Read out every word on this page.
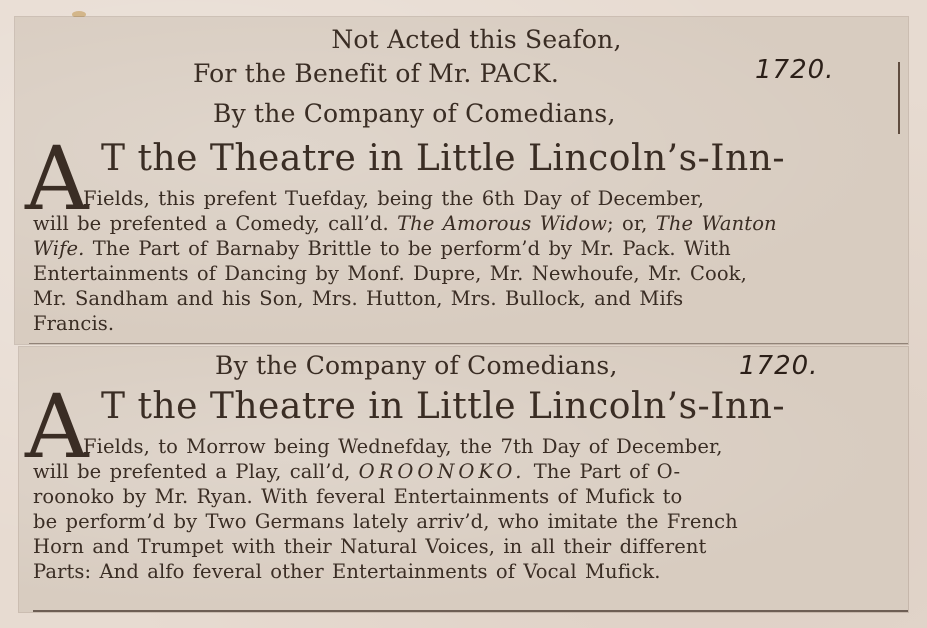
Not Acted this Seafon,
For the Benefit of Mr. PACK.	1720.
By the Company of Comedians,
A T the Theatre in Little Lincoln’s-Inn-
Fields, this prefent Tuefday, being the 6th Day of December,
will be prefented a Comedy, call’d. The Amorous Widow; or, The Wanton
Wife. The Part of Barnaby Brittle to be perform’d by Mr. Pack. With
Entertainments of Dancing by Monf. Dupre, Mr. Newhoufe, Mr. Cook,
Mr. Sandham and his Son, Mrs. Hutton, Mrs. Bullock, and Mifs
Francis.
By the Company of Comedians,	1720.
A T the Theatre in Little Lincoln’s-Inn-
Fields, to Morrow being Wednefday, the 7th Day of December,
will be prefented a Play, call’d, OROONOKO. The Part of O-
roonoko by Mr. Ryan. With feveral Entertainments of Mufick to
be perform’d by Two Germans lately arriv’d, who imitate the French
Horn and Trumpet with their Natural Voices, in all their different
Parts: And alfo feveral other Entertainments of Vocal Mufick.
